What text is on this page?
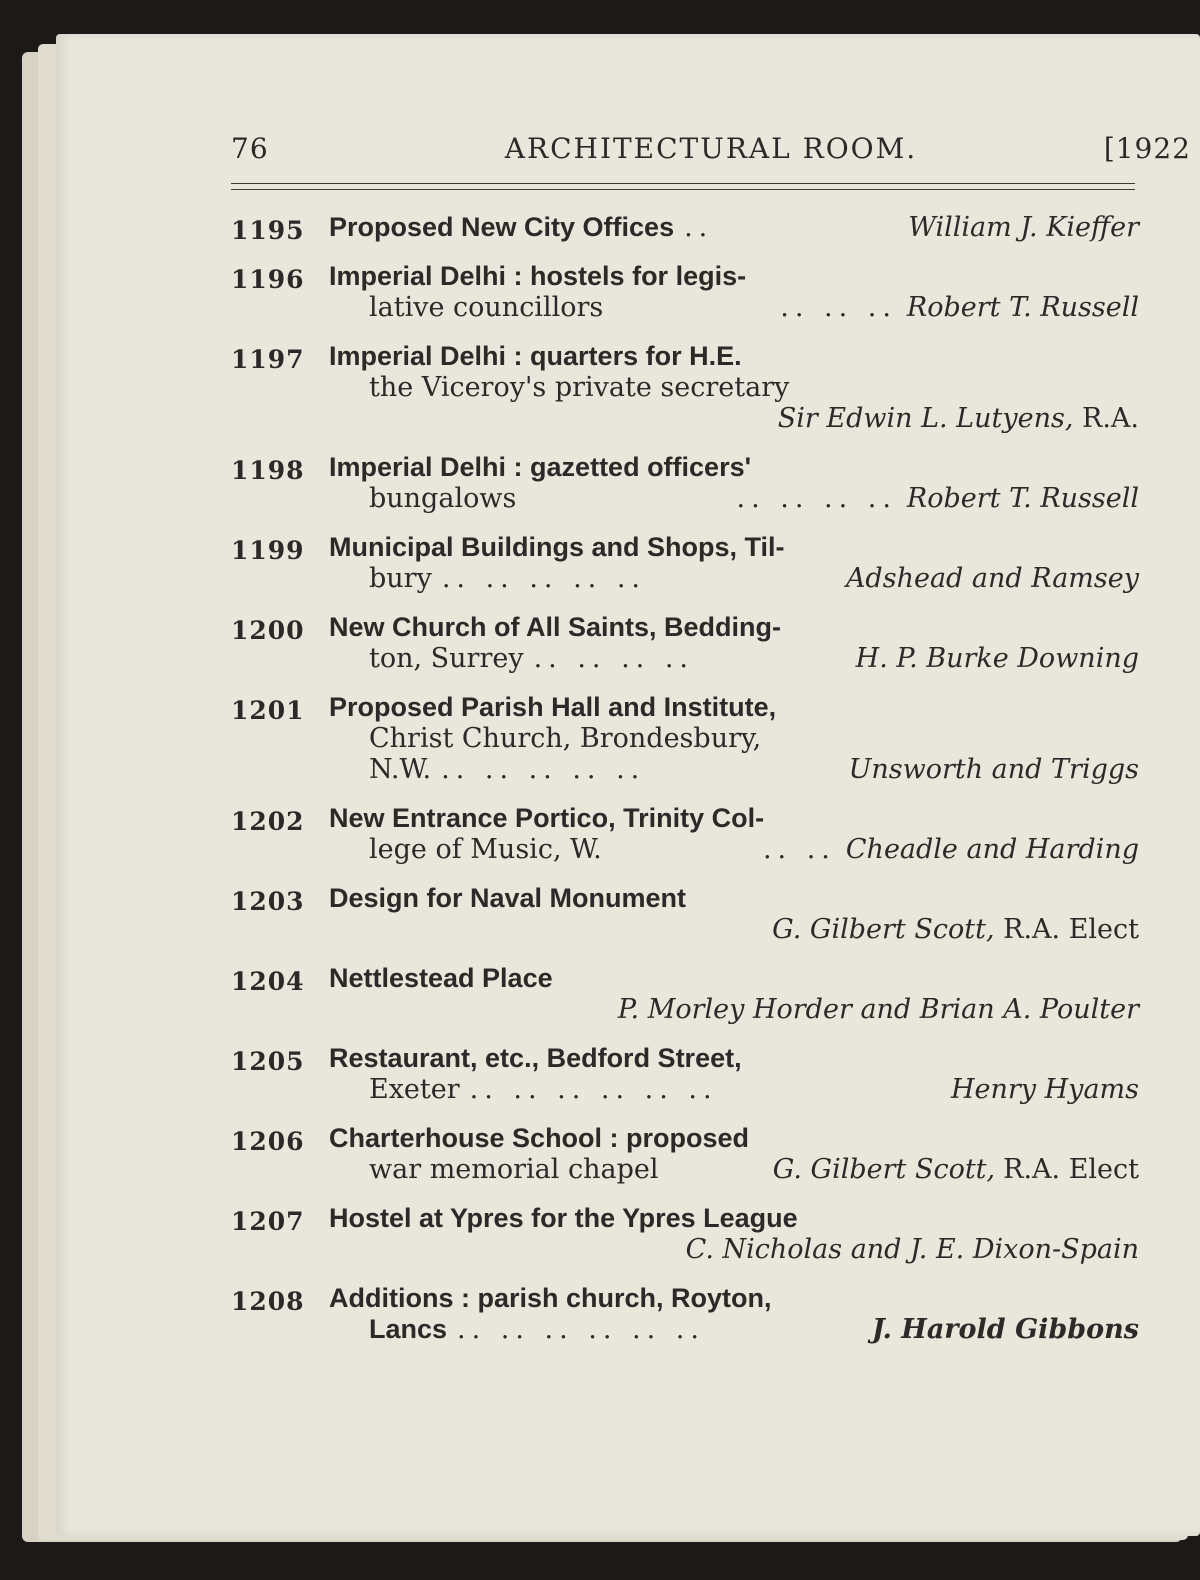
76	ARCHITECTURAL ROOM.	[1922
1195 Proposed New City Offices ..	William J. Kieffer
1196 Imperial Delhi : hostels for legis-
lative councillors	.. .. .. Robert T. Russell
1197 Imperial Delhi : quarters for H.E.
the Viceroy's private secretary
Sir Edwin L. Lutyens, R.A.
1198 Imperial Delhi : gazetted officers'
bungalows	.. .. .. .. Robert T. Russell
1199 Municipal Buildings and Shops, Til-
bury .. .. .. .. ..	Adshead and Ramsey
1200 New Church of All Saints, Bedding-
ton, Surrey .. .. .. ..	H. P. Burke Downing
1201 Proposed Parish Hall and Institute,
Christ Church, Brondesbury,
N.W. .. .. .. .. ..	Unsworth and Triggs
1202 New Entrance Portico, Trinity Col-
lege of Music, W.	.. .. Cheadle and Harding
1203 Design for Naval Monument
G. Gilbert Scott, R.A. Elect
1204 Nettlestead Place
P. Morley Horder and Brian A. Poulter
1205 Restaurant, etc., Bedford Street,
Exeter .. .. .. .. .. ..	Henry Hyams
1206 Charterhouse School : proposed
war memorial chapel	G. Gilbert Scott, R.A. Elect
1207 Hostel at Ypres for the Ypres League
C. Nicholas and J. E. Dixon-Spain
1208 Additions : parish church, Royton,
Lancs .. .. .. .. .. ..	J. Harold Gibbons
